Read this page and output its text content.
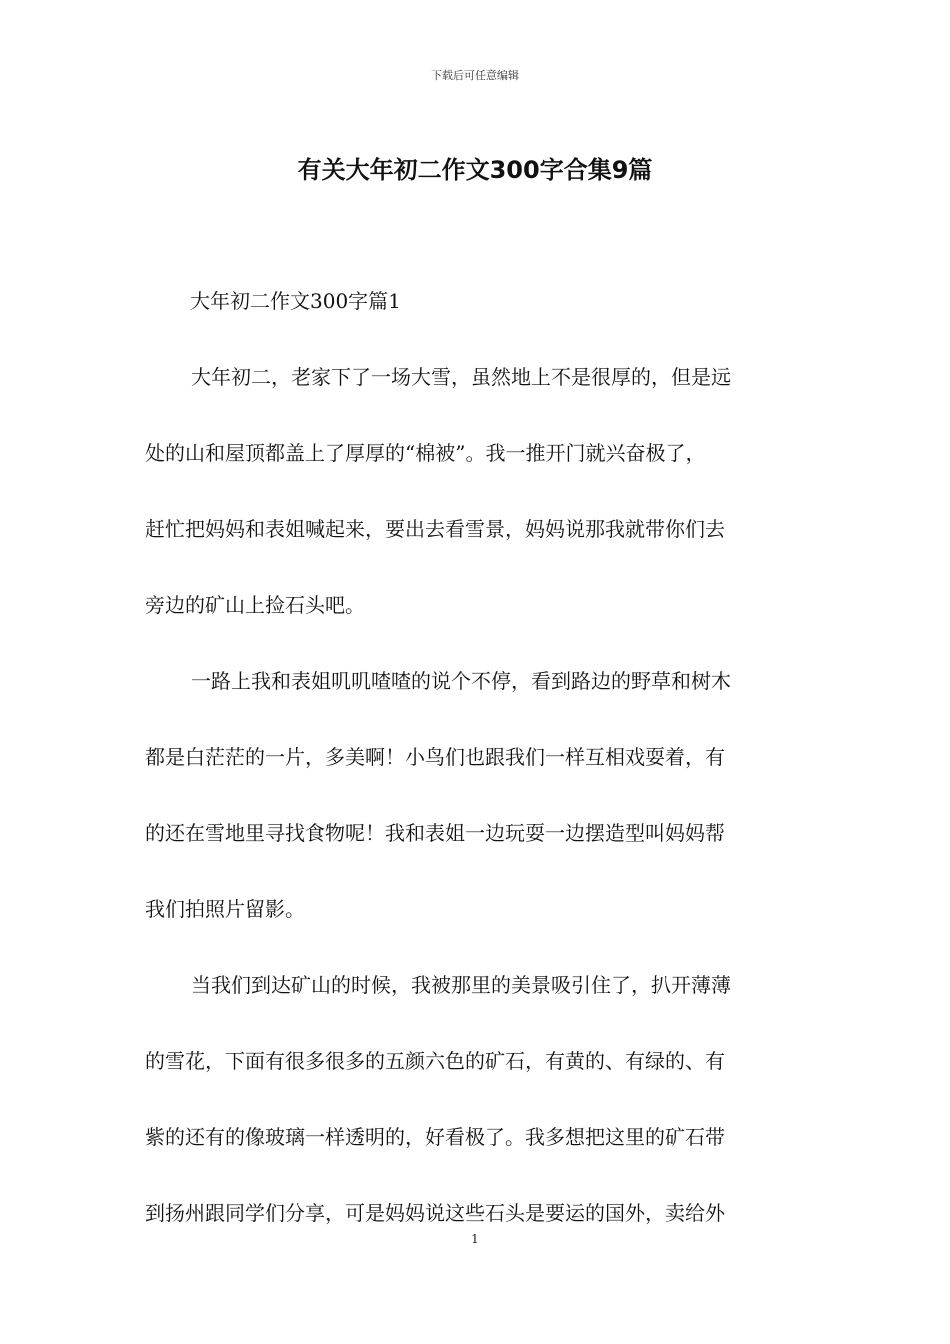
下载后可任意编辑
有关大年初二作文300字合集9篇
大年初二作文300字篇1
大年初二，老家下了一场大雪，虽然地上不是很厚的，但是远
处的山和屋顶都盖上了厚厚的“棉被”。我一推开门就兴奋极了，
赶忙把妈妈和表姐喊起来，要出去看雪景，妈妈说那我就带你们去
旁边的矿山上捡石头吧。
一路上我和表姐叽叽喳喳的说个不停，看到路边的野草和树木
都是白茫茫的一片，多美啊！小鸟们也跟我们一样互相戏耍着，有
的还在雪地里寻找食物呢！我和表姐一边玩耍一边摆造型叫妈妈帮
我们拍照片留影。
当我们到达矿山的时候，我被那里的美景吸引住了，扒开薄薄
的雪花，下面有很多很多的五颜六色的矿石，有黄的、有绿的、有
紫的还有的像玻璃一样透明的，好看极了。我多想把这里的矿石带
到扬州跟同学们分享，可是妈妈说这些石头是要运的国外，卖给外
1
